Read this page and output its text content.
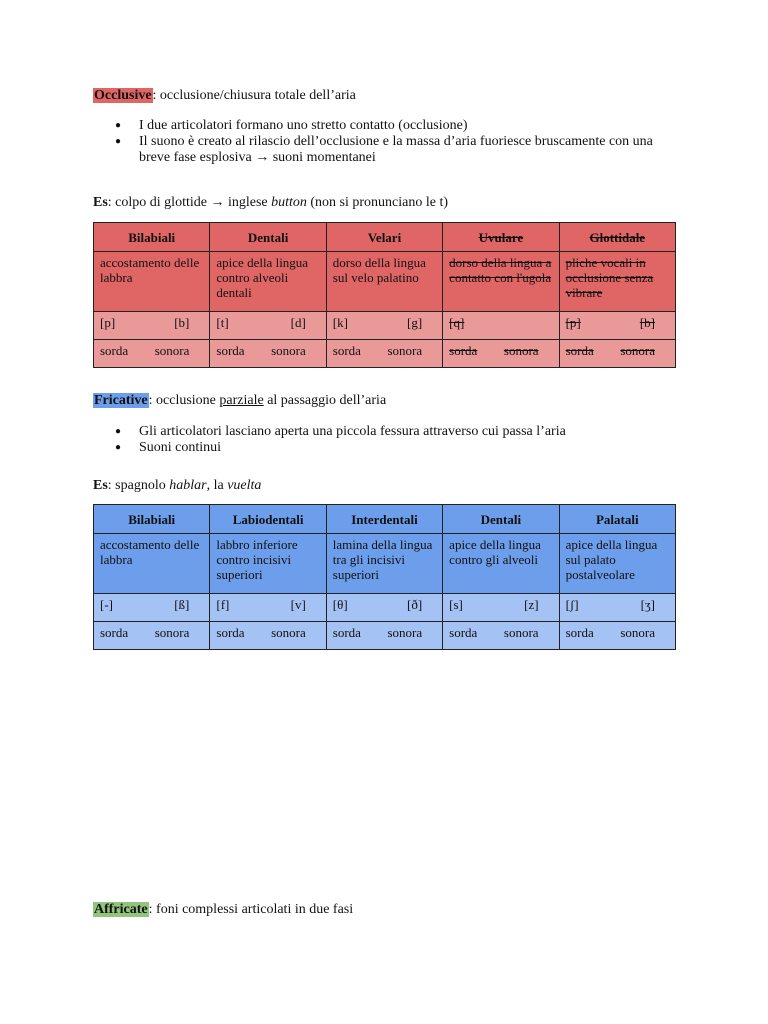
Occlusive: occlusione/chiusura totale dell’aria
● I due articolatori formano uno stretto contatto (occlusione)
● Il suono è creato al rilascio dell’occlusione e la massa d’aria fuoriesce bruscamente con una
breve fase esplosiva → suoni momentanei
Es: colpo di glottide → inglese button (non si pronunciano le t)
Bilabiali	Dentali	Velari	Uvulare	Glottidale
accostamento delle labbra	apice della lingua contro alveoli dentali	dorso della lingua sul velo palatino	dorso della lingua a contatto con l'ugola	pliche vocali in occlusione senza vibrare

[p] [b]	[t] [d]	[k] [g]	[q]	[p] [b]

sorda sonora	sorda sonora	sorda sonora	sorda sonora	sorda sonora
Fricative: occlusione parziale al passaggio dell’aria
● Gli articolatori lasciano aperta una piccola fessura attraverso cui passa l’aria
● Suoni continui
Es: spagnolo hablar, la vuelta
Bilabiali	Labiodentali	Interdentali	Dentali	Palatali
accostamento delle labbra	labbro inferiore contro incisivi superiori	lamina della lingua tra gli incisivi superiori	apice della lingua contro gli alveoli	apice della lingua sul palato postalveolare

[-] [ß]	[f] [v]	[θ] [ð]	[s] [z]	[ʃ] [ʒ]

sorda sonora	sorda sonora	sorda sonora	sorda sonora	sorda sonora
Affricate: foni complessi articolati in due fasi
